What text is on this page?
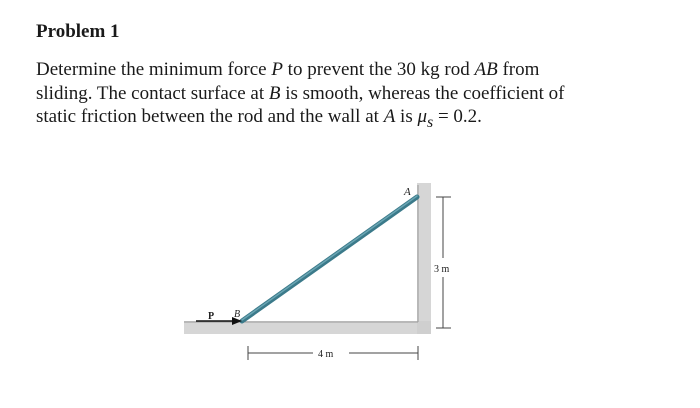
Problem 1
Determine the minimum force P to prevent the 30 kg rod AB from
sliding. The contact surface at B is smooth, whereas the coefficient of
static friction between the rod and the wall at A is $\mu_s = 0.2$.
A
B
P
3 m
4 m
